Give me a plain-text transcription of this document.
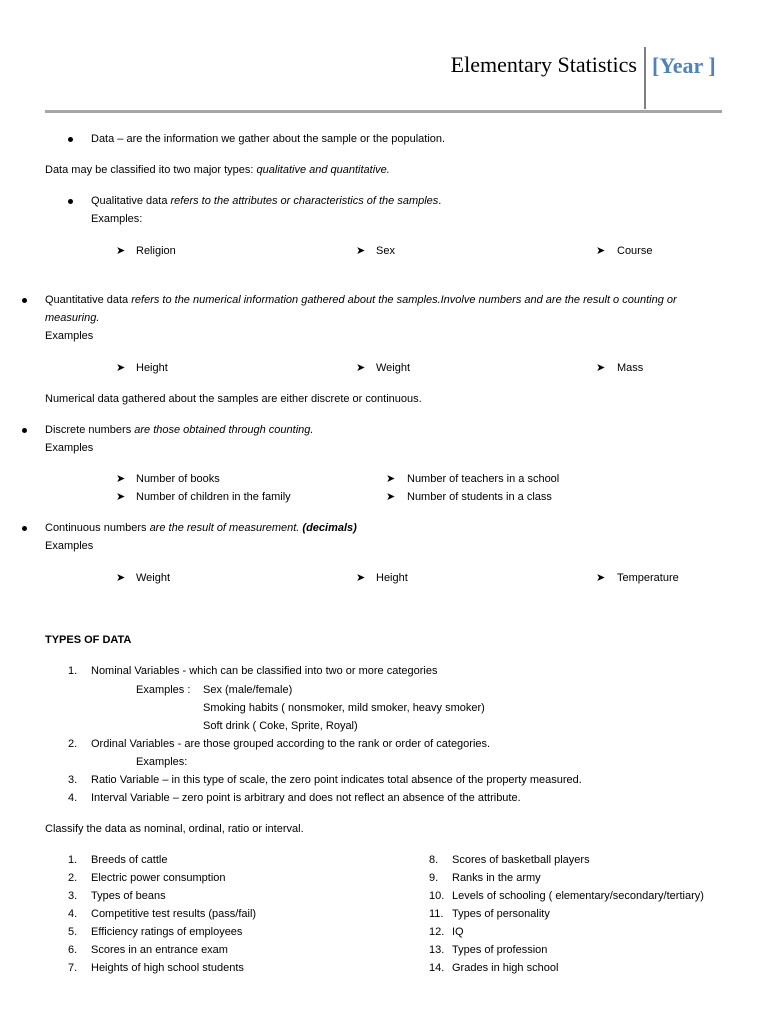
Elementary Statistics [Year ]
Data – are the information we gather about the sample or the population.
Data may be classified ito two major types: qualitative and quantitative.
Qualitative data refers to the attributes or characteristics of the samples.
Examples:
➤ Religion	➤ Sex	➤ Course
Quantitative data refers to the numerical information gathered about the samples.Involve numbers and are the result o counting or
measuring.
Examples
➤ Height	➤ Weight	➤ Mass
Numerical data gathered about the samples are either discrete or continuous.
Discrete numbers are those obtained through counting.
Examples
➤ Number of books	➤ Number of teachers in a school
➤ Number of children in the family	➤ Number of students in a class
Continuous numbers are the result of measurement. (decimals)
Examples
➤ Weight	➤ Height	➤ Temperature
TYPES OF DATA
1. Nominal Variables - which can be classified into two or more categories
Examples : Sex (male/female)
Smoking habits ( nonsmoker, mild smoker, heavy smoker)
Soft drink ( Coke, Sprite, Royal)
2. Ordinal Variables - are those grouped according to the rank or order of categories.
Examples:
3. Ratio Variable – in this type of scale, the zero point indicates total absence of the property measured.
4. Interval Variable – zero point is arbitrary and does not reflect an absence of the attribute.
Classify the data as nominal, ordinal, ratio or interval.
1. Breeds of cattle
2. Electric power consumption
3. Types of beans
4. Competitive test results (pass/fail)
5. Efficiency ratings of employees
6. Scores in an entrance exam
7. Heights of high school students
8. Scores of basketball players
9. Ranks in the army
10. Levels of schooling ( elementary/secondary/tertiary)
11. Types of personality
12. IQ
13. Types of profession
14. Grades in high school
